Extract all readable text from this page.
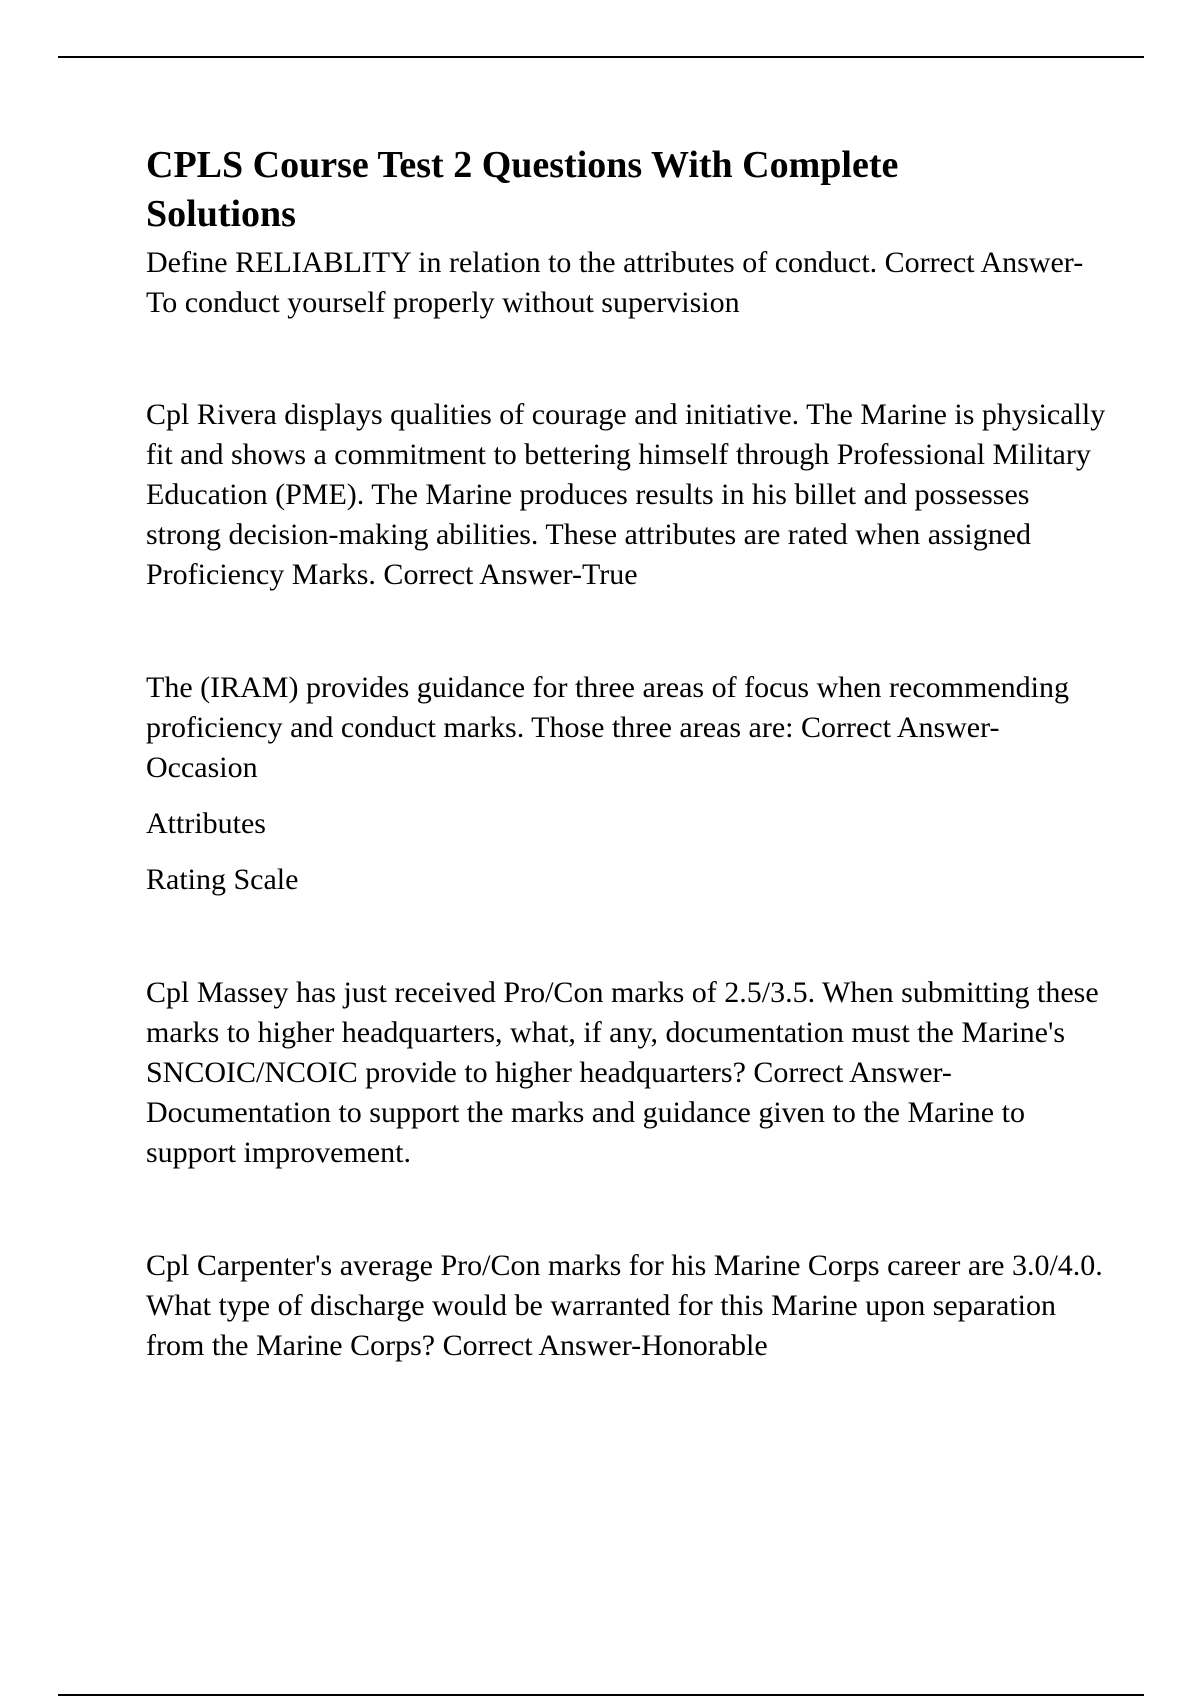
CPLS Course Test 2 Questions With Complete Solutions

Define RELIABLITY in relation to the attributes of conduct. Correct Answer-To conduct yourself properly without supervision

Cpl Rivera displays qualities of courage and initiative. The Marine is physically fit and shows a commitment to bettering himself through Professional Military Education (PME). The Marine produces results in his billet and possesses strong decision-making abilities. These attributes are rated when assigned Proficiency Marks. Correct Answer-True

The (IRAM) provides guidance for three areas of focus when recommending proficiency and conduct marks. Those three areas are: Correct Answer-Occasion

Attributes

Rating Scale

Cpl Massey has just received Pro/Con marks of 2.5/3.5. When submitting these marks to higher headquarters, what, if any, documentation must the Marine's SNCOIC/NCOIC provide to higher headquarters? Correct Answer-Documentation to support the marks and guidance given to the Marine to support improvement.

Cpl Carpenter's average Pro/Con marks for his Marine Corps career are 3.0/4.0. What type of discharge would be warranted for this Marine upon separation from the Marine Corps? Correct Answer-Honorable
